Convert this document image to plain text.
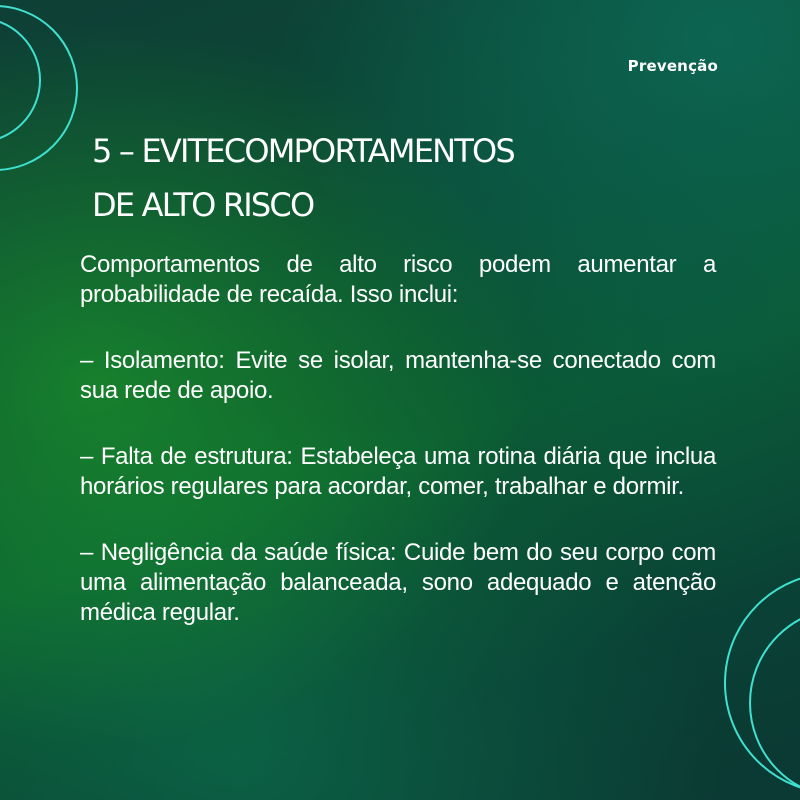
Prevenção
5 – EVITECOMPORTAMENTOS
DE ALTO RISCO

Comportamentos de alto risco podem aumentar a probabilidade de recaída. Isso inclui:

– Isolamento: Evite se isolar, mantenha-se conectado com sua rede de apoio.

– Falta de estrutura: Estabeleça uma rotina diária que inclua horários regulares para acordar, comer, trabalhar e dormir.

– Negligência da saúde física: Cuide bem do seu corpo com uma alimentação balanceada, sono adequado e atenção médica regular.
